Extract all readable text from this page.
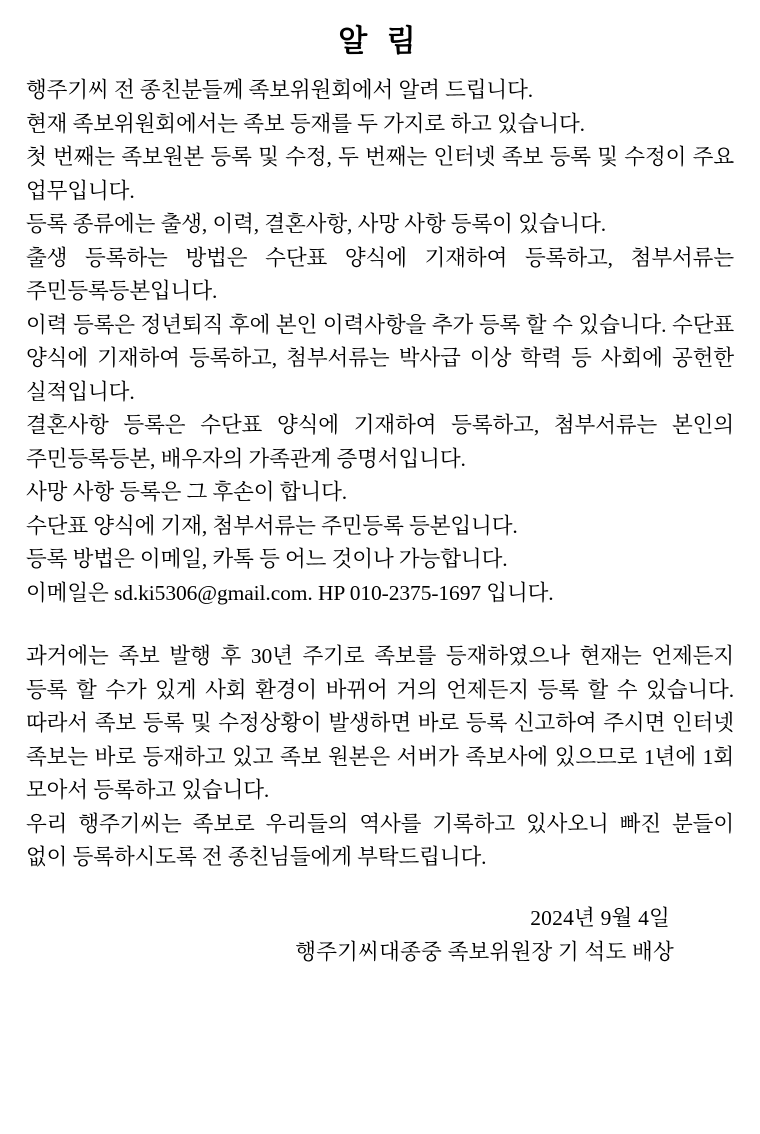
알 림

행주기씨 전 종친분들께 족보위원회에서 알려 드립니다.

현재 족보위원회에서는 족보 등재를 두 가지로 하고 있습니다.

첫 번째는 족보원본 등록 및 수정, 두 번째는 인터넷 족보 등록 및 수정이 주요 업무입니다.

등록 종류에는 출생, 이력, 결혼사항, 사망 사항 등록이 있습니다.

출생 등록하는 방법은 수단표 양식에 기재하여 등록하고, 첨부서류는 주민등록등본입니다.

이력 등록은 정년퇴직 후에 본인 이력사항을 추가 등록 할 수 있습니다. 수단표 양식에 기재하여 등록하고, 첨부서류는 박사급 이상 학력 등 사회에 공헌한 실적입니다.

결혼사항 등록은 수단표 양식에 기재하여 등록하고, 첨부서류는 본인의 주민등록등본, 배우자의 가족관계 증명서입니다.

사망 사항 등록은 그 후손이 합니다.

수단표 양식에 기재, 첨부서류는 주민등록 등본입니다.

등록 방법은 이메일, 카톡 등 어느 것이나 가능합니다.

이메일은 sd.ki5306@gmail.com. HP 010-2375-1697 입니다.

과거에는 족보 발행 후 30년 주기로 족보를 등재하였으나 현재는 언제든지 등록 할 수가 있게 사회 환경이 바뀌어 거의 언제든지 등록 할 수 있습니다. 따라서 족보 등록 및 수정상황이 발생하면 바로 등록 신고하여 주시면 인터넷 족보는 바로 등재하고 있고 족보 원본은 서버가 족보사에 있으므로 1년에 1회 모아서 등록하고 있습니다.

우리 행주기씨는 족보로 우리들의 역사를 기록하고 있사오니 빠진 분들이 없이 등록하시도록 전 종친님들에게 부탁드립니다.

2024년 9월 4일
행주기씨대종중 족보위원장 기 석도 배상
